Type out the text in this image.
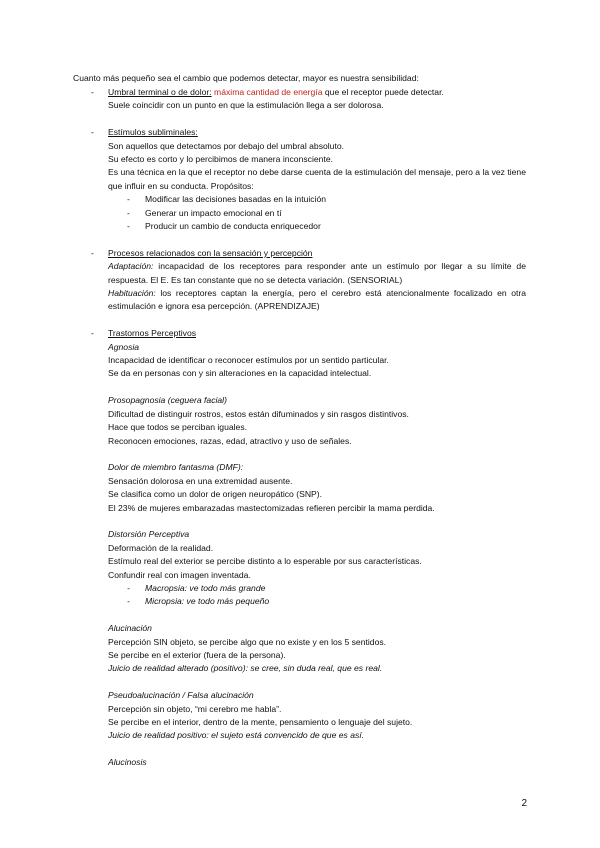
Cuanto más pequeño sea el cambio que podemos detectar, mayor es nuestra sensibilidad:
- Umbral terminal o de dolor: máxima cantidad de energía que el receptor puede detectar.
Suele coincidir con un punto en que la estimulación llega a ser dolorosa.
- Estímulos subliminales:
Son aquellos que detectamos por debajo del umbral absoluto.
Su efecto es corto y lo percibimos de manera inconsciente.
Es una técnica en la que el receptor no debe darse cuenta de la estimulación del mensaje, pero a la vez tiene que influir en su conducta. Propósitos:
- Modificar las decisiones basadas en la intuición
- Generar un impacto emocional en tí
- Producir un cambio de conducta enriquecedor
- Procesos relacionados con la sensación y percepción
Adaptación: incapacidad de los receptores para responder ante un estímulo por llegar a su límite de respuesta. El E. Es tan constante que no se detecta variación. (SENSORIAL)
Habituación: los receptores captan la energía, pero el cerebro está atencionalmente focalizado en otra estimulación e ignora esa percepción. (APRENDIZAJE)
- Trastornos Perceptivos
Agnosia
Incapacidad de identificar o reconocer estímulos por un sentido particular.
Se da en personas con y sin alteraciones en la capacidad intelectual.
Prosopagnosia (ceguera facial)
Dificultad de distinguir rostros, estos están difuminados y sin rasgos distintivos.
Hace que todos se perciban iguales.
Reconocen emociones, razas, edad, atractivo y uso de señales.
Dolor de miembro fantasma (DMF):
Sensación dolorosa en una extremidad ausente.
Se clasifica como un dolor de origen neuropático (SNP).
El 23% de mujeres embarazadas mastectomizadas refieren percibir la mama perdida.
Distorsión Perceptiva
Deformación de la realidad.
Estímulo real del exterior se percibe distinto a lo esperable por sus características.
Confundir real con imagen inventada.
- Macropsia: ve todo más grande
- Micropsia: ve todo más pequeño
Alucinación
Percepción SIN objeto, se percibe algo que no existe y en los 5 sentidos.
Se percibe en el exterior (fuera de la persona).
Juicio de realidad alterado (positivo): se cree, sin duda real, que es real.
Pseudoalucinación / Falsa alucinación
Percepción sin objeto, “mi cerebro me habla”.
Se percibe en el interior, dentro de la mente, pensamiento o lenguaje del sujeto.
Juicio de realidad positivo: el sujeto está convencido de que es así.
Alucinosis
2
